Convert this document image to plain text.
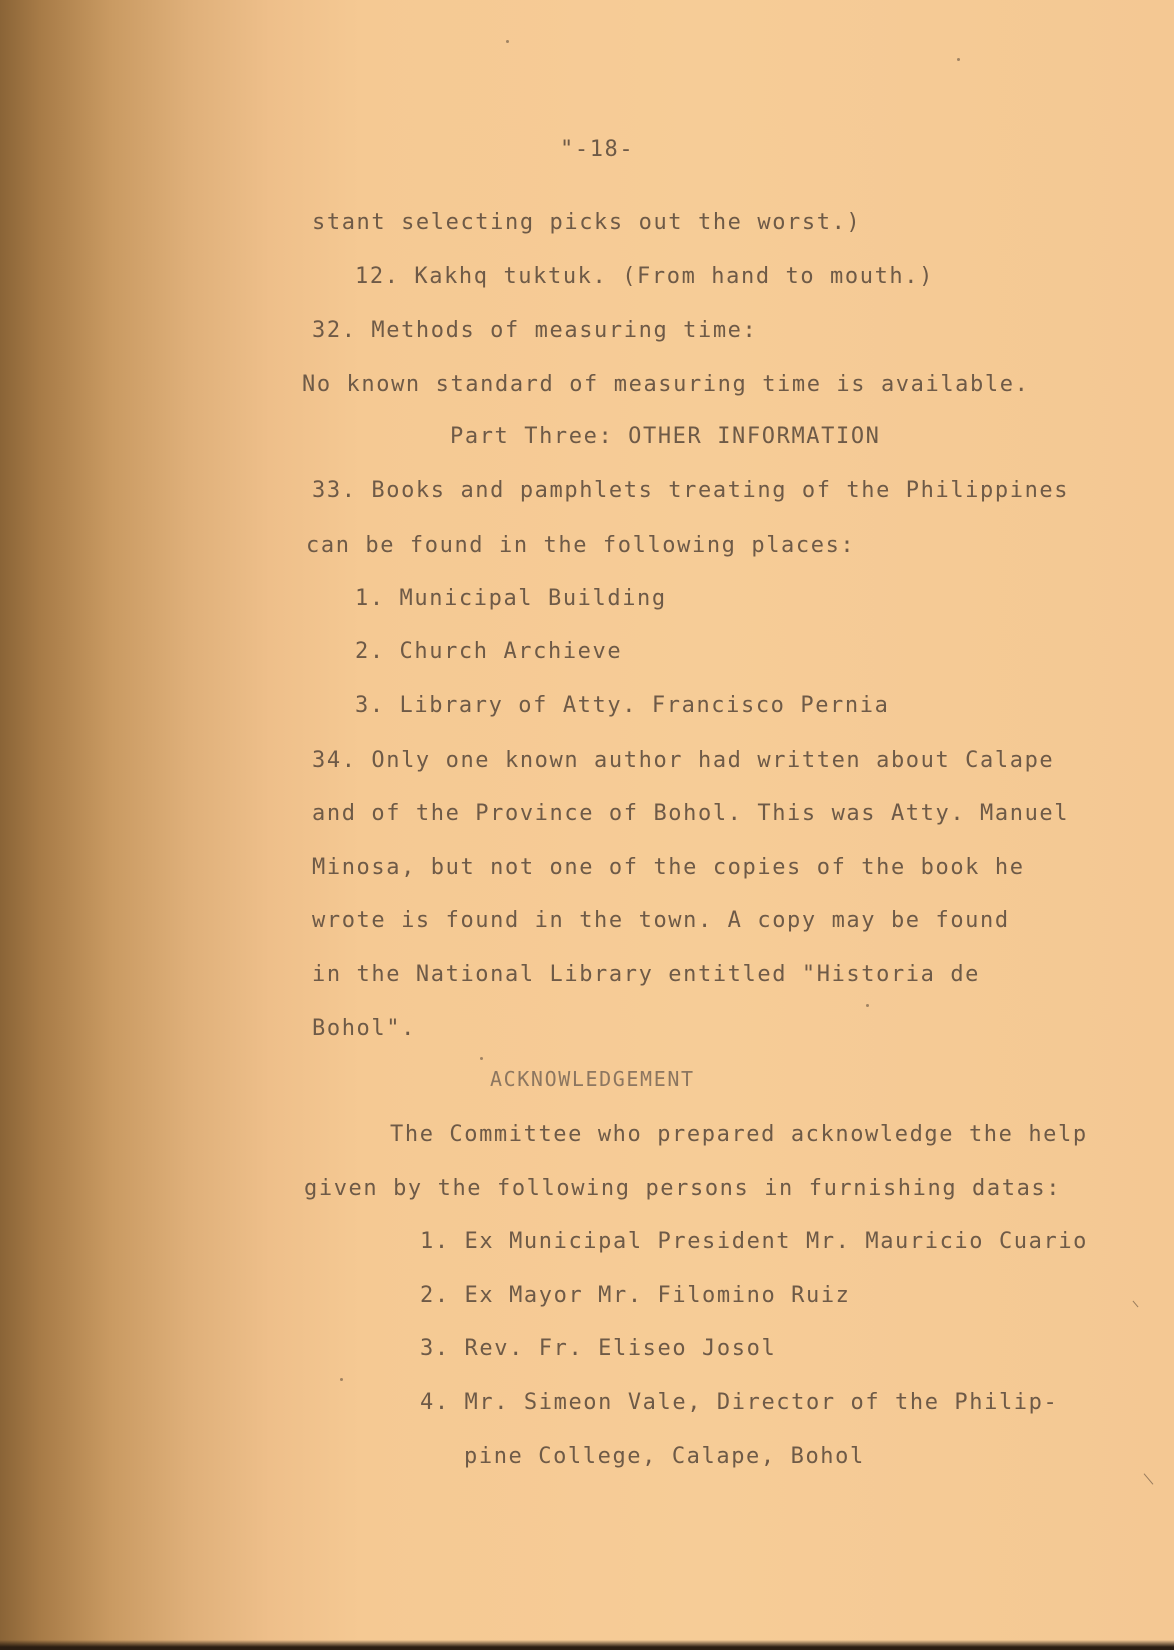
"-18-
stant selecting picks out the worst.)
12. Kakhq tuktuk. (From hand to mouth.)
32. Methods of measuring time:
No known standard of measuring time is available.
Part Three: OTHER INFORMATION
33. Books and pamphlets treating of the Philippines
can be found in the following places:
1. Municipal Building
2. Church Archieve
3. Library of Atty. Francisco Pernia
34. Only one known author had written about Calape
and of the Province of Bohol. This was Atty. Manuel
Minosa, but not one of the copies of the book he
wrote is found in the town. A copy may be found
in the National Library entitled "Historia de
Bohol".
ACKNOWLEDGEMENT
The Committee who prepared acknowledge the help
given by the following persons in furnishing datas:
1. Ex Municipal President Mr. Mauricio Cuario
2. Ex Mayor Mr. Filomino Ruiz
3. Rev. Fr. Eliseo Josol
4. Mr. Simeon Vale, Director of the Philip-
pine College, Calape, Bohol
